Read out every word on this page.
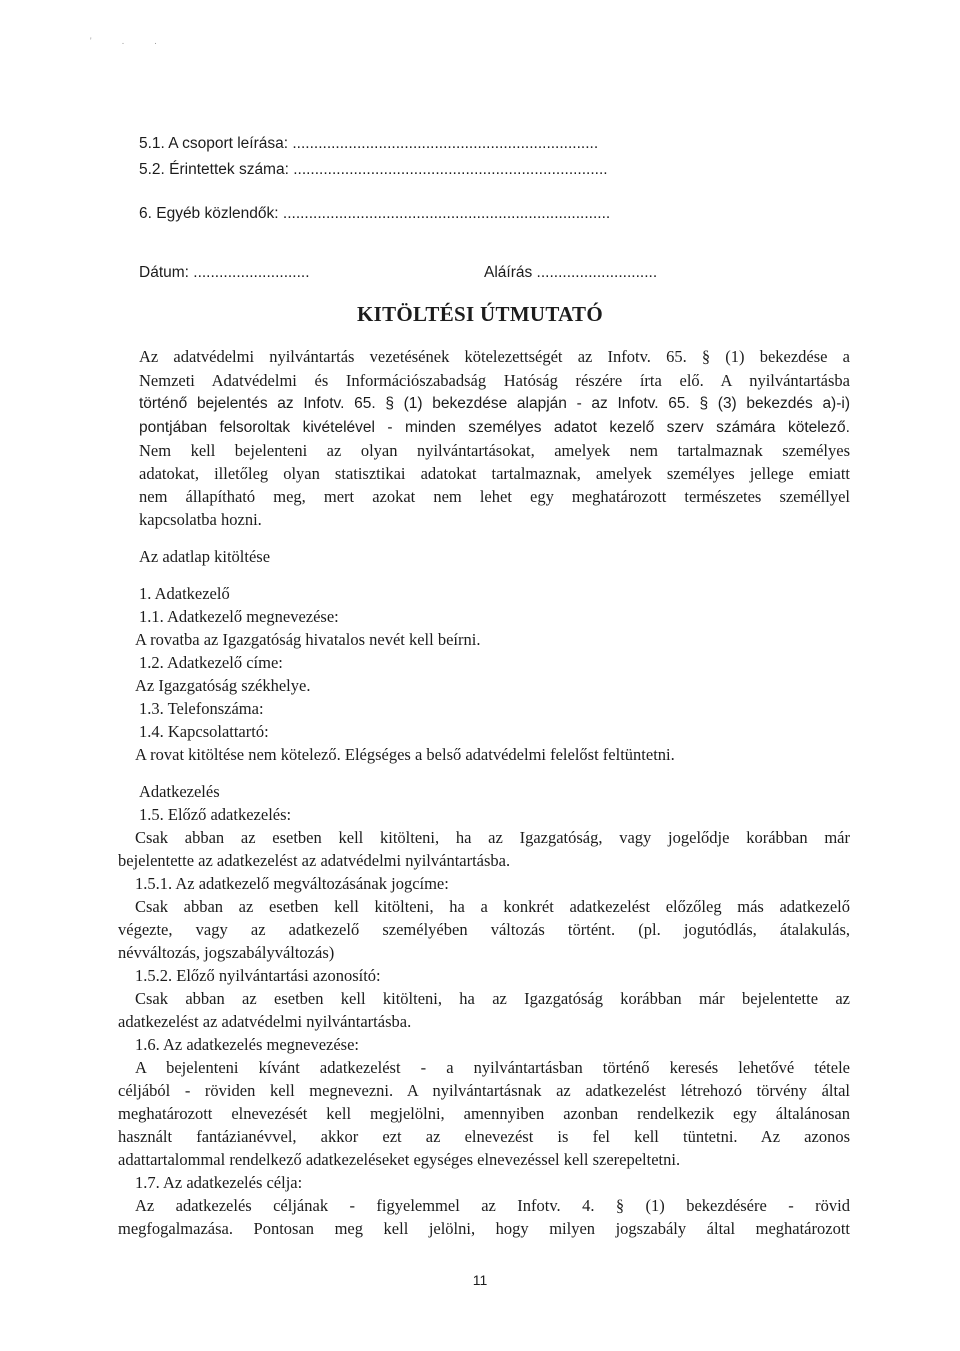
' . .
5.1. A csoport leírása: .......................................................................
5.2. Érintettek száma: .........................................................................
6. Egyéb közlendők: ............................................................................
Dátum: ...........................	Aláírás ............................
KITÖLTÉSI ÚTMUTATÓ
Az adatvédelmi nyilvántartás vezetésének kötelezettségét az Infotv. 65. § (1) bekezdése a
Nemzeti Adatvédelmi és Információszabadság Hatóság részére írta elő. A nyilvántartásba
történő bejelentés az Infotv. 65. § (1) bekezdése alapján - az Infotv. 65. § (3) bekezdés a)-i)
pontjában felsoroltak kivételével - minden személyes adatot kezelő szerv számára kötelező.
Nem kell bejelenteni az olyan nyilvántartásokat, amelyek nem tartalmaznak személyes
adatokat, illetőleg olyan statisztikai adatokat tartalmaznak, amelyek személyes jellege emiatt
nem állapítható meg, mert azokat nem lehet egy meghatározott természetes személlyel
kapcsolatba hozni.
Az adatlap kitöltése
1. Adatkezelő
1.1. Adatkezelő megnevezése:
A rovatba az Igazgatóság hivatalos nevét kell beírni.
1.2. Adatkezelő címe:
Az Igazgatóság székhelye.
1.3. Telefonszáma:
1.4. Kapcsolattartó:
A rovat kitöltése nem kötelező. Elégséges a belső adatvédelmi felelőst feltüntetni.
Adatkezelés
1.5. Előző adatkezelés:
Csak abban az esetben kell kitölteni, ha az Igazgatóság, vagy jogelődje korábban már
bejelentette az adatkezelést az adatvédelmi nyilvántartásba.
1.5.1. Az adatkezelő megváltozásának jogcíme:
Csak abban az esetben kell kitölteni, ha a konkrét adatkezelést előzőleg más adatkezelő
végezte, vagy az adatkezelő személyében változás történt. (pl. jogutódlás, átalakulás,
névváltozás, jogszabályváltozás)
1.5.2. Előző nyilvántartási azonosító:
Csak abban az esetben kell kitölteni, ha az Igazgatóság korábban már bejelentette az
adatkezelést az adatvédelmi nyilvántartásba.
1.6. Az adatkezelés megnevezése:
A bejelenteni kívánt adatkezelést - a nyilvántartásban történő keresés lehetővé tétele
céljából - röviden kell megnevezni. A nyilvántartásnak az adatkezelést létrehozó törvény által
meghatározott elnevezését kell megjelölni, amennyiben azonban rendelkezik egy általánosan
használt fantázianévvel, akkor ezt az elnevezést is fel kell tüntetni. Az azonos
adattartalommal rendelkező adatkezeléseket egységes elnevezéssel kell szerepeltetni.
1.7. Az adatkezelés célja:
Az adatkezelés céljának - figyelemmel az Infotv. 4. § (1) bekezdésére - rövid
megfogalmazása. Pontosan meg kell jelölni, hogy milyen jogszabály által meghatározott
11
